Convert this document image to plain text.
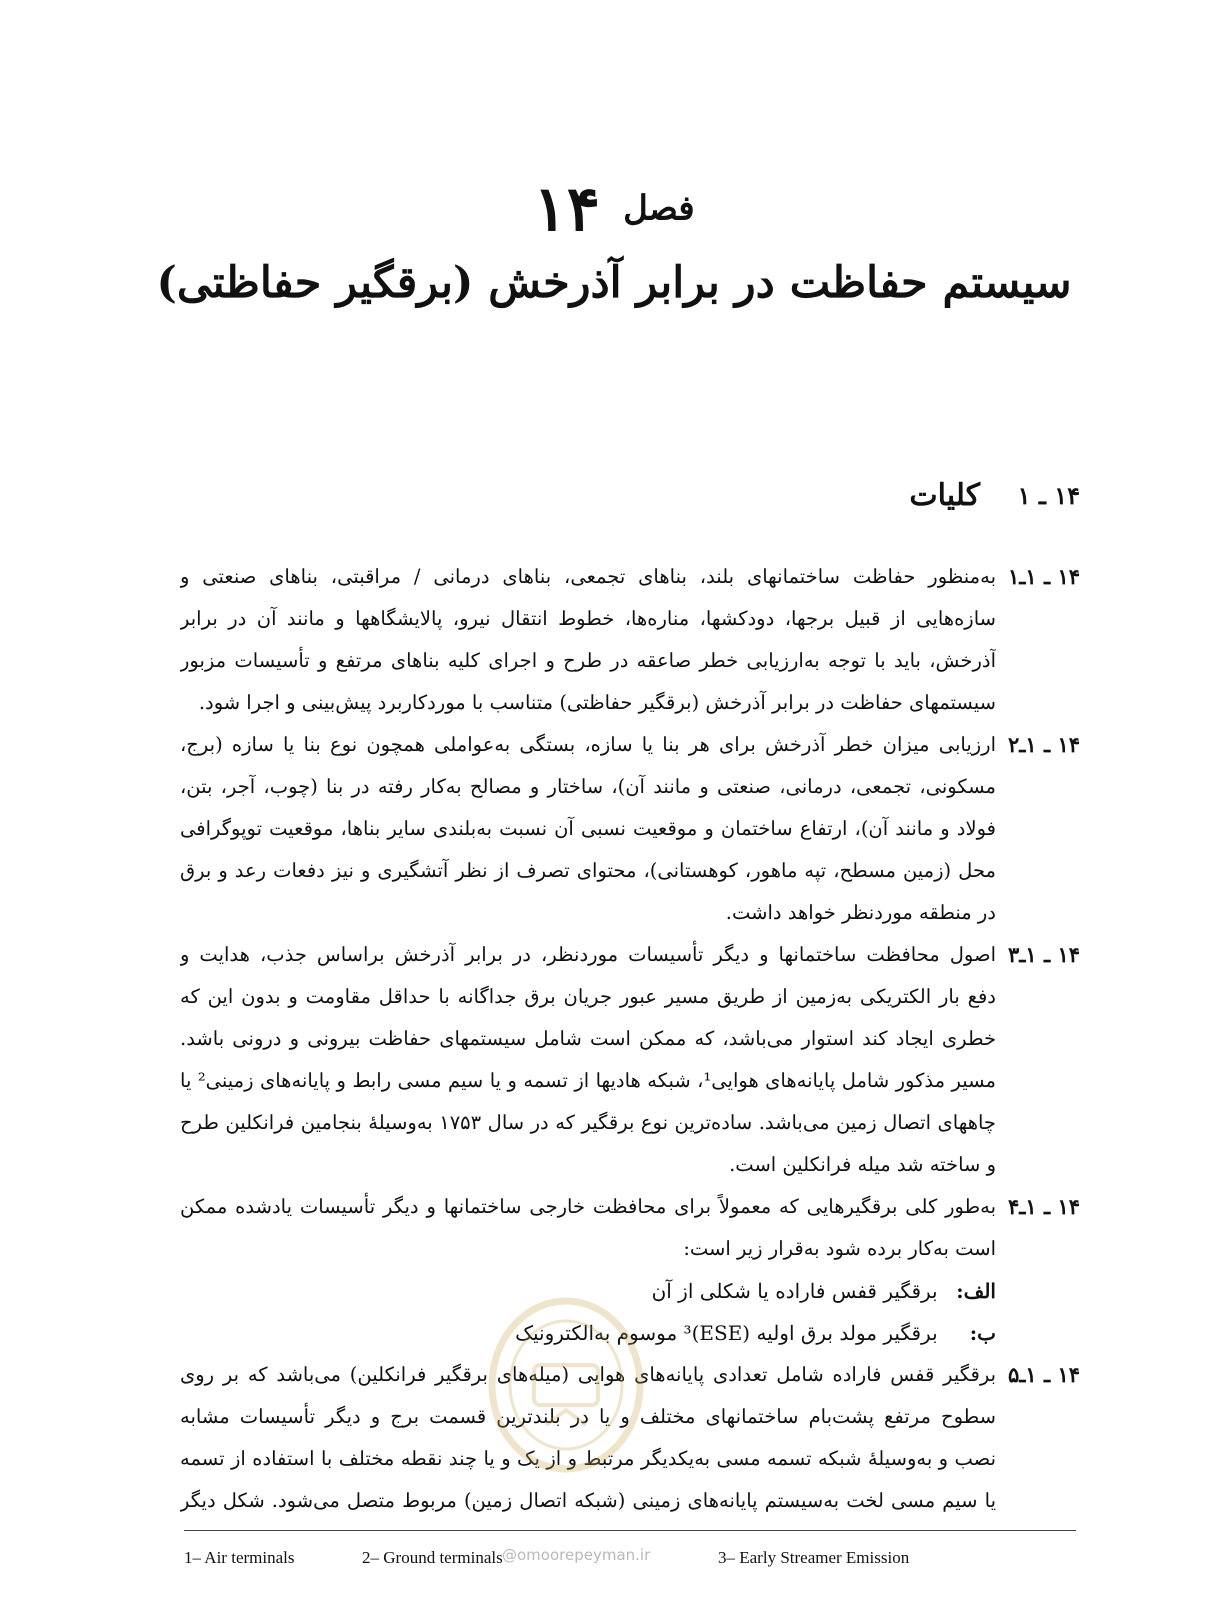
فصل ۱۴
سیستم حفاظت در برابر آذرخش (برقگیر حفاظتی)
۱۴ ـ ۱
کلیات
۱۴ ـ ۱ـ۱
به‌منظور حفاظت ساختمانهای بلند، بناهای تجمعی، بناهای درمانی / مراقبتی، بناهای صنعتی و
سازه‌هایی از قبیل برجها، دودکشها، مناره‌ها، خطوط انتقال نیرو، پالایشگاهها و مانند آن در برابر
آذرخش، باید با توجه به‌ارزیابی خطر صاعقه در طرح و اجرای کلیه بناهای مرتفع و تأسیسات مزبور
سیستمهای حفاظت در برابر آذرخش (برقگیر حفاظتی) متناسب با موردکاربرد پیش‌بینی و اجرا شود.
۱۴ ـ ۱ـ۲
ارزیابی میزان خطر آذرخش برای هر بنا یا سازه، بستگی به‌عواملی همچون نوع بنا یا سازه (برج،
مسکونی، تجمعی، درمانی، صنعتی و مانند آن)، ساختار و مصالح به‌کار رفته در بنا (چوب، آجر، بتن،
فولاد و مانند آن)، ارتفاع ساختمان و موقعیت نسبی آن نسبت به‌بلندی سایر بناها، موقعیت توپوگرافی
محل (زمین مسطح، تپه ماهور، کوهستانی)، محتوای تصرف از نظر آتشگیری و نیز دفعات رعد و برق
در منطقه موردنظر خواهد داشت.
۱۴ ـ ۱ـ۳
اصول محافظت ساختمانها و دیگر تأسیسات موردنظر، در برابر آذرخش براساس جذب، هدایت و
دفع بار الکتریکی به‌زمین از طریق مسیر عبور جریان برق جداگانه با حداقل مقاومت و بدون این که
خطری ایجاد کند استوار می‌باشد، که ممکن است شامل سیستمهای حفاظت بیرونی و درونی باشد.
مسیر مذکور شامل پایانه‌های هوایی¹، شبکه هادیها از تسمه و یا سیم مسی رابط و پایانه‌های زمینی² یا
چاههای اتصال زمین می‌باشد. ساده‌ترین نوع برقگیر که در سال ۱۷۵۳ به‌وسیلهٔ بنجامین فرانکلین طرح
و ساخته شد میله فرانکلین است.
۱۴ ـ ۱ـ۴
به‌طور کلی برقگیرهایی که معمولاً برای محافظت خارجی ساختمانها و دیگر تأسیسات یادشده ممکن
است به‌کار برده شود به‌قرار زیر است:
الف: برقگیر قفس فاراده یا شکلی از آن
ب: برقگیر مولد برق اولیه (ESE)³ موسوم به‌الکترونیک
۱۴ ـ ۱ـ۵
برقگیر قفس فاراده شامل تعدادی پایانه‌های هوایی (میله‌های برقگیر فرانکلین) می‌باشد که بر روی
سطوح مرتفع پشت‌بام ساختمانهای مختلف و یا در بلندترین قسمت برج و دیگر تأسیسات مشابه
نصب و به‌وسیلهٔ شبکه تسمه مسی به‌یکدیگر مرتبط و از یک و یا چند نقطه مختلف با استفاده از تسمه
یا سیم مسی لخت به‌سیستم پایانه‌های زمینی (شبکه اتصال زمین) مربوط متصل می‌شود. شکل دیگر
1– Air terminals	2– Ground terminals	3– Early Streamer Emission
@omoorepeyman.ir
